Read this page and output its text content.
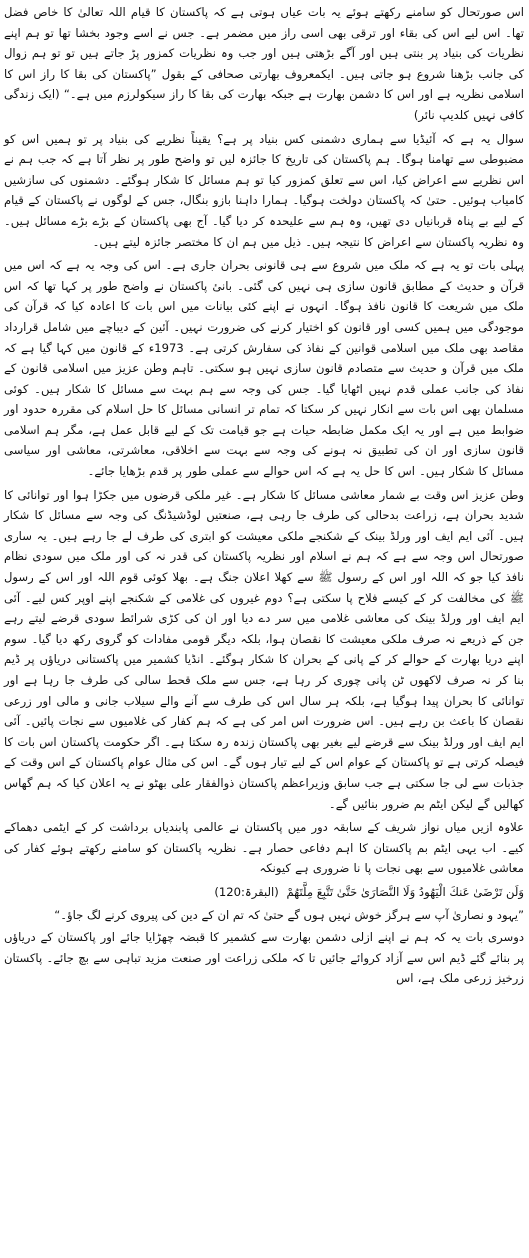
اس صورتحال کو سامنے رکھتے ہوئے یہ بات عیاں ہوتی ہے کہ پاکستان کا قیام اللہ تعالیٰ کا خاص فضل تھا۔ اس لیے اس کی بقاء اور ترقی بھی اسی راز میں مضمر ہے۔ جس نے اسے وجود بخشا تھا تو ہم اپنے نظریات کی بنیاد پر بنتی ہیں اور آگے بڑھتی ہیں اور جب وہ نظریات کمزور پڑ جاتے ہیں تو تو ہم زوال کی جانب بڑھنا شروع ہو جاتی ہیں۔ ایکمعروف بھارتی صحافی کے بقول ”پاکستان کی بقا کا راز اس کا اسلامی نظریہ ہے اور اس کا دشمن بھارت ہے جبکہ بھارت کی بقا کا راز سیکولرزم میں ہے۔“ (ایک زندگی کافی نہیں کلدیپ نائر)

سوال یہ ہے کہ آئیڈیا سے ہماری دشمنی کس بنیاد پر ہے؟ یقیناً نظریے کی بنیاد پر تو ہمیں اس کو مضبوطی سے تھامنا ہوگا۔ ہم پاکستان کی تاریخ کا جائزہ لیں تو واضح طور پر نظر آتا ہے کہ جب ہم نے اس نظریے سے اعراض کیا، اس سے تعلق کمزور کیا تو ہم مسائل کا شکار ہوگئے۔ دشمنوں کی سازشیں کامیاب ہوئیں۔ حتیٰ کہ پاکستان دولخت ہوگیا۔ ہمارا داہنا بازو بنگال، جس کے لوگوں نے پاکستان کے قیام کے لیے بے پناہ قربانیاں دی تھیں، وہ ہم سے علیحدہ کر دیا گیا۔ آج بھی پاکستان کے بڑے بڑے مسائل ہیں۔ وہ نظریہ پاکستان سے اعراض کا نتیجہ ہیں۔ ذیل میں ہم ان کا مختصر جائزہ لیتے ہیں۔

پہلی بات تو یہ ہے کہ ملک میں شروع سے ہی قانونی بحران جاری ہے۔ اس کی وجہ یہ ہے کہ اس میں قرآن و حدیث کے مطابق قانون سازی ہی نہیں کی گئی۔ بانیٔ پاکستان نے واضح طور پر کہا تھا کہ اس ملک میں شریعت کا قانون نافذ ہوگا۔ انہوں نے اپنے کئی بیانات میں اس بات کا اعادہ کیا کہ قرآن کی موجودگی میں ہمیں کسی اور قانون کو اختیار کرنے کی ضرورت نہیں۔ آئین کے دیباچے میں شامل قرارداد مقاصد بھی ملک میں اسلامی قوانین کے نفاذ کی سفارش کرتی ہے۔ 1973ء کے قانون میں کہا گیا ہے کہ ملک میں قرآن و حدیث سے متصادم قانون سازی نہیں ہو سکتی۔ تاہم وطن عزیز میں اسلامی قانون کے نفاذ کی جانب عملی قدم نہیں اٹھایا گیا۔ جس کی وجہ سے ہم بہت سے مسائل کا شکار ہیں۔ کوئی مسلمان بھی اس بات سے انکار نہیں کر سکتا کہ تمام تر انسانی مسائل کا حل اسلام کی مقررہ حدود اور ضوابط میں ہے اور یہ ایک مکمل ضابطہ حیات ہے جو قیامت تک کے لیے قابل عمل ہے، مگر ہم اسلامی قانون سازی اور ان کی تطبیق نہ ہونے کی وجہ سے بہت سے اخلاقی، معاشرتی، معاشی اور سیاسی مسائل کا شکار ہیں۔ اس کا حل یہ ہے کہ اس حوالے سے عملی طور پر قدم بڑھایا جائے۔

وطن عزیز اس وقت بے شمار معاشی مسائل کا شکار ہے۔ غیر ملکی قرضوں میں جکڑا ہوا اور توانائی کا شدید بحران ہے، زراعت بدحالی کی طرف جا رہی ہے، صنعتیں لوڈشیڈنگ کی وجہ سے مسائل کا شکار ہیں۔ آئی ایم ایف اور ورلڈ بینک کے شکنجے ملکی معیشت کو ابتری کی طرف لے جا رہے ہیں۔ یہ ساری صورتحال اس وجہ سے ہے کہ ہم نے اسلام اور نظریہ پاکستان کی قدر نہ کی اور ملک میں سودی نظام نافذ کیا جو کہ اللہ اور اس کے رسول ﷺ سے کھلا اعلان جنگ ہے۔ بھلا کوئی قوم اللہ اور اس کے رسول ﷺ کی مخالفت کر کے کیسے فلاح پا سکتی ہے؟ دوم غیروں کی غلامی کے شکنجے اپنے اوپر کس لیے۔ آئی ایم ایف اور ورلڈ بینک کی معاشی غلامی میں سر دے دیا اور ان کی کڑی شرائط سودی قرضے لیتے رہے جن کے ذریعے نہ صرف ملکی معیشت کا نقصان ہوا، بلکہ دیگر قومی مفادات کو گروی رکھ دیا گیا۔ سوم اپنے دریا بھارت کے حوالے کر کے پانی کے بحران کا شکار ہوگئے۔ انڈیا کشمیر میں پاکستانی دریاؤں پر ڈیم بنا کر نہ صرف لاکھوں ٹن پانی چوری کر رہا ہے، جس سے ملک قحط سالی کی طرف جا رہا ہے اور توانائی کا بحران پیدا ہوگیا ہے، بلکہ ہر سال اس کی طرف سے آنے والے سیلاب جانی و مالی اور زرعی نقصان کا باعث بن رہے ہیں۔ اس ضرورت اس امر کی ہے کہ ہم کفار کی غلامیوں سے نجات پائیں۔ آئی ایم ایف اور ورلڈ بینک سے قرضے لیے بغیر بھی پاکستان زندہ رہ سکتا ہے۔ اگر حکومت پاکستان اس بات کا فیصلہ کرتی ہے تو پاکستان کے عوام اس کے لیے تیار ہوں گے۔ اس کی مثال عوام پاکستان کے اس وقت کے جذبات سے لی جا سکتی ہے جب سابق وزیراعظم پاکستان ذوالفقار علی بھٹو نے یہ اعلان کیا کہ ہم گھاس کھالیں گے لیکن ایٹم بم ضرور بنائیں گے۔

علاوہ ازیں میاں نواز شریف کے سابقہ دور میں پاکستان نے عالمی پابندیاں برداشت کر کے ایٹمی دھماکے کیے۔ اب یہی ایٹم بم پاکستان کا اہم دفاعی حصار ہے۔ نظریہ پاکستان کو سامنے رکھتے ہوئے کفار کی معاشی غلامیوں سے بھی نجات پا نا ضروری ہے کیونکہ

وَلَن تَرْضَىٰ عَنكَ الْيَهُودُ وَلَا النَّصَارَىٰ حَتَّىٰ تَتَّبِعَ مِلَّتَهُمْ (البقرۃ:120)

”یہود و نصاریٰ آپ سے ہرگز خوش نہیں ہوں گے حتیٰ کہ تم ان کے دین کی پیروی کرنے لگ جاؤ۔“

دوسری بات یہ کہ ہم نے اپنے ازلی دشمن بھارت سے کشمیر کا قبضہ چھڑایا جائے اور پاکستان کے دریاؤں پر بنائے گئے ڈیم اس سے آزاد کروائے جائیں تا کہ ملکی زراعت اور صنعت مزید تباہی سے بچ جائے۔ پاکستان زرخیز زرعی ملک ہے، اس
